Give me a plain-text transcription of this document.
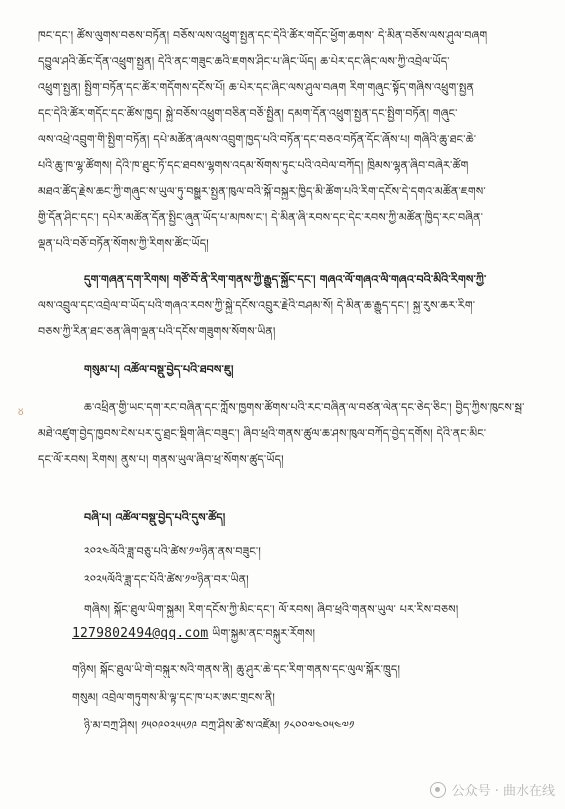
ཁང་དང་། ཚོས་ལུགས་བཅས་བཏོན། བཅོས་ལས་འཕྲུག་སྤྱན་དང་དེའི་ཚོར་གདོང་ཕྱོག་ཆགས་ དེ་མིན་བཅོས་ལས་ཤུལ་བཞག
དབྱུལ་ཤའི་ཆོང་དོན་འཕྲུག་སྤྱན། དེའི་ནང་གཟུང་ཆའི་ཇགས་ཤིང་པ་ཞིང་ཡོད། ཆ་པེར་དང་ཞིང་ལས་ཀྱི་འབྲེལ་ཡོད་
འཕྲུག་སྤྱན། སྤྱིག་བཏོན་དང་ཚོར་གདོགས་དངོས་པོ། ཆ་པེར་དང་ཞིང་ལས་ཤུལ་བཞག རིག་གཞུང་སྟོད་གཞིས་འཕྲུག་སྤྱན
དང་དེའི་ཚོར་གདོང་དང་ཚོས་ཁྱད། སྐྱེ་བཅོས་འཕྲུག་བཅིན་བཅོ་སྤྱིན། དམག་དོན་འཕྲུག་སྤྱན་དང་སྤྱིག་བཏོན། གཞུང་
ལས་འཕྲེ་འབྲུག་གི་སྤྱིག་བཏོན། དཔེ་མཚོན་ཞལས་འབྲུག་ཁྱད་པའི་བཏོན་དང་བཅའ་བཏོན་དོང་ཞོས་པ། གཞིའི་ཆུ་ཐང་ཆེ་
པའི་ཆུ་ཁ་ལྷ་ཚོགས། དེའི་ཁ་ཐུང་ཏོ་དང་ཐབས་ལྷགས་འདམ་སོགས་ཏུང་པའི་འབེལ་བཀོད། ཁྲིམས་ལྷན་ཞིབ་བཞེར་ཚོག
མཐའ་ཚོད་རྗེས་ཆང་ཀྱི་གཞུང་ས་ཡུལ་ཏུ་བསྒྱུར་སྤྱན་ཁུལ་བའི་སྐོ་བསྐྱར་ཁྱིད་མི་ཚོག་པའི་རིག་དངོས་དེ་དགའ་མཚོན་ཇགས་
གྱི་དོན་ཤིང་དང་། དཔེར་མཚོན་དོན་སྤྱིང་ཞུན་ཡོད་པ་མཁས་ང་། དེ་མིན་ཞི་རབས་དང་དེང་རབས་ཀྱི་མཚོན་ཁྱིད་རང་བཞིན་
ལྡན་པའི་བཅོ་བཏོན་སོགས་ཀྱི་རིགས་ཚོང་ཡོད།
དུག་གཞན་དག་རིགས། གཙོ་བོ་ནི་རིག་གནས་ཀྱི་རྒྱུད་སྐྱོང་དང་། གཞའ་ལོ་གཞའ་ལི་གཞའ་བའི་མིའི་རིགས་ཀྱི་
ལས་འབྲུལ་དང་འབྲེལ་བ་ཡོད་པའི་གཞའ་རབས་ཀྱི་སྐྱེ་དངོས་འབྲུར་རྗེའི་བཤམ་སོ། དེ་མིན་ཆ་རྒྱུད་དང་། སྐྱ་རུས་ཆར་རིག་
བཅས་ཀྱི་རིན་ཐང་ཅན་ཞིག་ལྡན་པའི་དངོས་གཟུགས་སོགས་ཡིན།
གསུམ་པ། འཚོལ་བསྡུ་བྱེད་པའི་ཐབས་ཇུ།
ཆ་འཕྲིན་གྱི་ཡང་དག་རང་བཞིན་དང་ཀློས་ཁྱགས་ཚོགས་པའི་རང་བཞིན་ལ་བཙན་ལེན་དང་ཅེད་ཅིང་། བྱིད་ཀྱིས་ཁུངས་སྦ་
མཐེ་འཛུག་བྱེད་ཁྱབས་ངེས་པར་དུ་ཐྲང་སྡིག་ཞིང་བཟུང་། ཞིབ་ཕྲའི་གནས་ཚུལ་ཆ་ཤས་ཁུལ་བཀོད་བྱེད་དགོས། དེའི་ནང་མིང་
དང་ལོ་རབས། རིགས། ནུས་པ། གནས་ཡུལ་ཞིབ་ཕྲ་སོགས་ཚུད་ཡོད།
བཞི་པ། འཚོལ་བསྡུ་བྱེད་པའི་དུས་ཚོད།
༢༠༢༤ལོའི་ཟླ་བཅུ་པའི་ཚེས་༡༧ཉིན་ནས་བཟུང་།
༢༠༢༥ལོའི་ཟླ་དང་པོའི་ཚེས་༡༧ཉིན་བར་ཡིན།
གཞིས། སྐོང་ཐུལ་ཡིག་སྐྱམ། རིག་དངོས་ཀྱི་མིང་དང་། ལོ་རབས། ཞིབ་ཕྲའི་གནས་ཡུལ་ པར་རིས་བཅས།
1279802494@qq.com ཡིག་སྐྱམ་ནང་བསྐུར་རོགས།
གཉིས། སྐོང་ཐུལ་ཡི་གེ་བསྐུར་སའི་གནས་ནི། ཆུ་ཤུར་ཆེ་དང་རིག་གནས་དང་ལུལ་སྐོར་ཁྲུད།
གསུམ། འབྲེལ་གཏུགས་མི་ལྟ་དང་ཁ་པར་ཨང་གྲངས་ནི།
ཉི་མ་བཀྲ་ཤིས། ༡༥༠༩༠༢༥༥༡༩ བཀྲ་ཤིས་ཚེ་ས་འཛོམ། ༡༨༠༠༧༤༠༥༤༧༡
ᴕ
公众号 · 曲水在线
